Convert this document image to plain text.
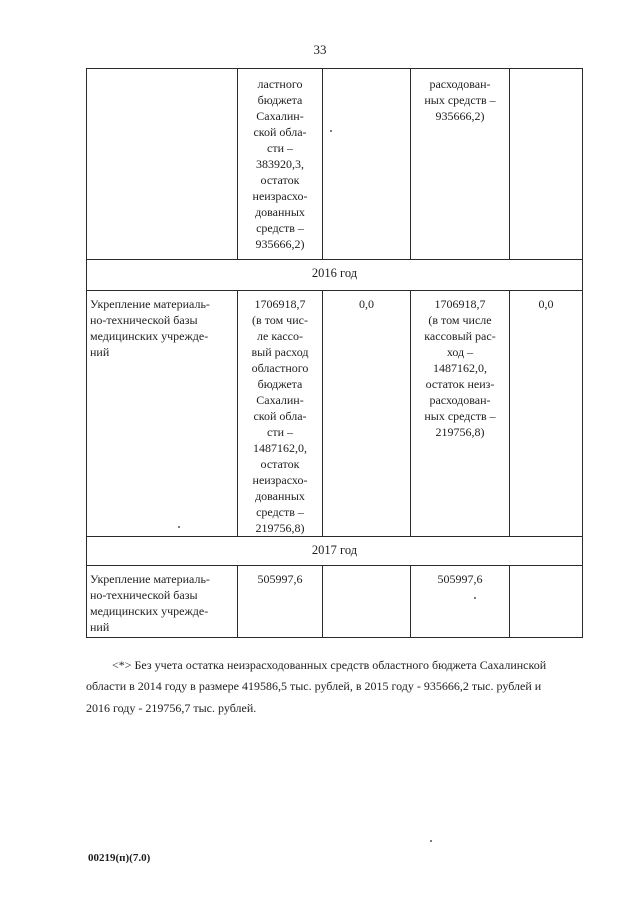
33
ластного
бюджета
Сахалин-
ской обла-
сти –
383920,3,
остаток
неизрасхо-
дованных
средств –
935666,2)
расходован-
ных средств –
935666,2)
2016 год
Укрепление материаль-
но-технической базы
медицинских учрежде-
ний
1706918,7
(в том чис-
ле кассо-
вый расход
областного
бюджета
Сахалин-
ской обла-
сти –
1487162,0,
остаток
неизрасхо-
дованных
средств –
219756,8)
0,0	1706918,7
(в том числе
кассовый рас-
ход –
1487162,0,
остаток неиз-
расходован-
ных средств –
219756,8)
0,0
2017 год
Укрепление материаль-
но-технической базы
медицинских учрежде-
ний
505997,6	505997,6
<*> Без учета остатка неизрасходованных средств областного бюджета Сахалинской
области в 2014 году в размере 419586,5 тыс. рублей, в 2015 году - 935666,2 тыс. рублей и
2016 году - 219756,7 тыс. рублей.
00219(п)(7.0)
